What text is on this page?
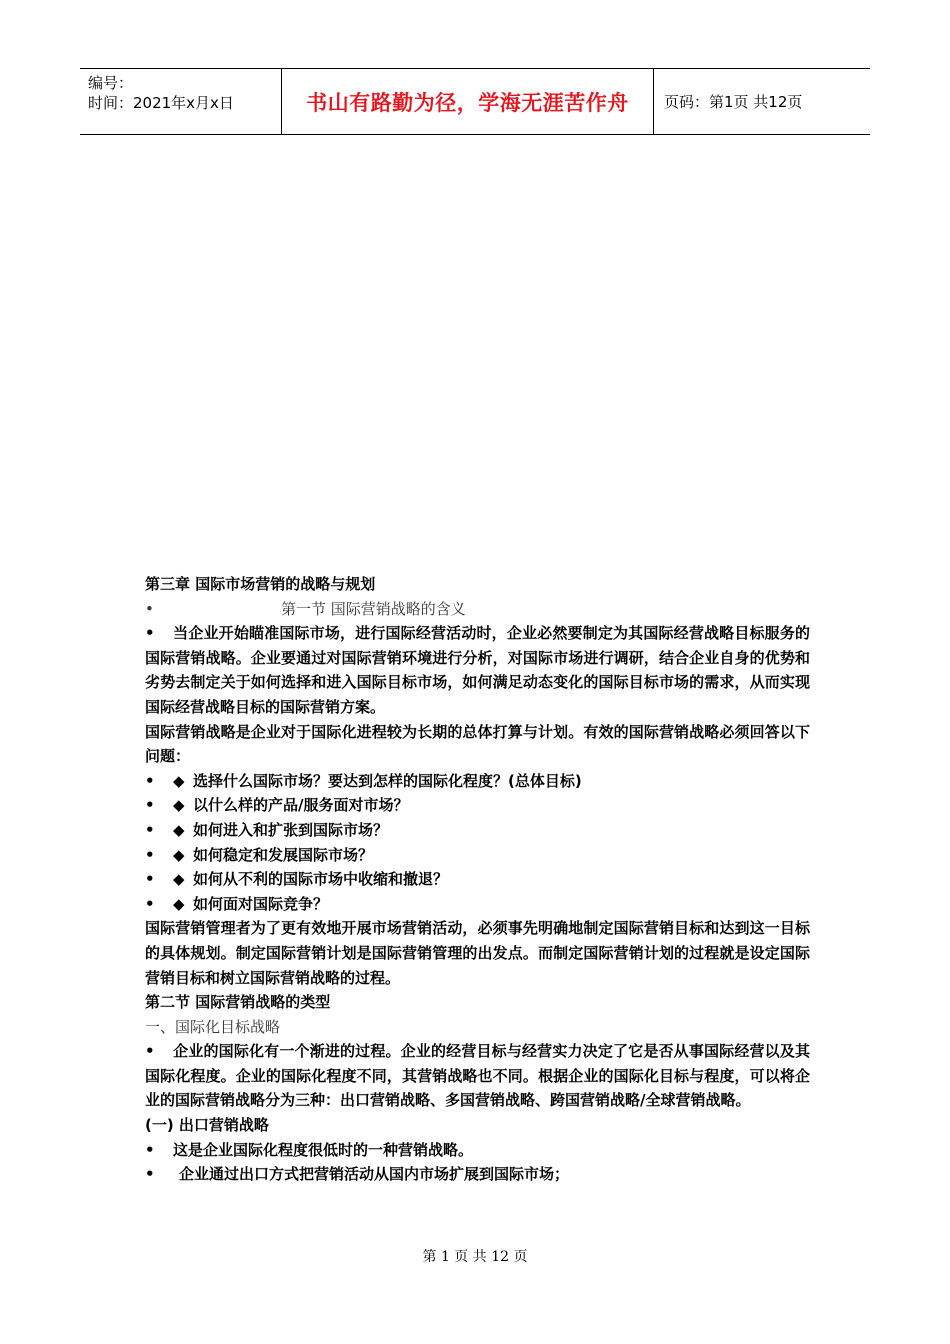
编号：
时间：2021年x月x日	书山有路勤为径，学海无涯苦作舟 页码：第1页 共12页
第三章 国际市场营销的战略与规划
•	第一节 国际营销战略的含义
• 当企业开始瞄准国际市场，进行国际经营活动时，企业必然要制定为其国际经营战略目标服务的国际营销战略。企业要通过对国际营销环境进行分析，对国际市场进行调研，结合企业自身的优势和劣势去制定关于如何选择和进入国际目标市场，如何满足动态变化的国际目标市场的需求，从而实现国际经营战略目标的国际营销方案。
国际营销战略是企业对于国际化进程较为长期的总体打算与计划。有效的国际营销战略必须回答以下问题：
• ◆ 选择什么国际市场？要达到怎样的国际化程度？(总体目标)
• ◆ 以什么样的产品/服务面对市场？
• ◆ 如何进入和扩张到国际市场？
• ◆ 如何稳定和发展国际市场？
• ◆ 如何从不利的国际市场中收缩和撤退？
• ◆ 如何面对国际竞争？
国际营销管理者为了更有效地开展市场营销活动，必须事先明确地制定国际营销目标和达到这一目标的具体规划。制定国际营销计划是国际营销管理的出发点。而制定国际营销计划的过程就是设定国际营销目标和树立国际营销战略的过程。
第二节 国际营销战略的类型
一、国际化目标战略
• 企业的国际化有一个渐进的过程。企业的经营目标与经营实力决定了它是否从事国际经营以及其国际化程度。企业的国际化程度不同，其营销战略也不同。根据企业的国际化目标与程度，可以将企业的国际营销战略分为三种：出口营销战略、多国营销战略、跨国营销战略/全球营销战略。
(一) 出口营销战略
• 这是企业国际化程度很低时的一种营销战略。
• 企业通过出口方式把营销活动从国内市场扩展到国际市场；
第 1 页 共 12 页
